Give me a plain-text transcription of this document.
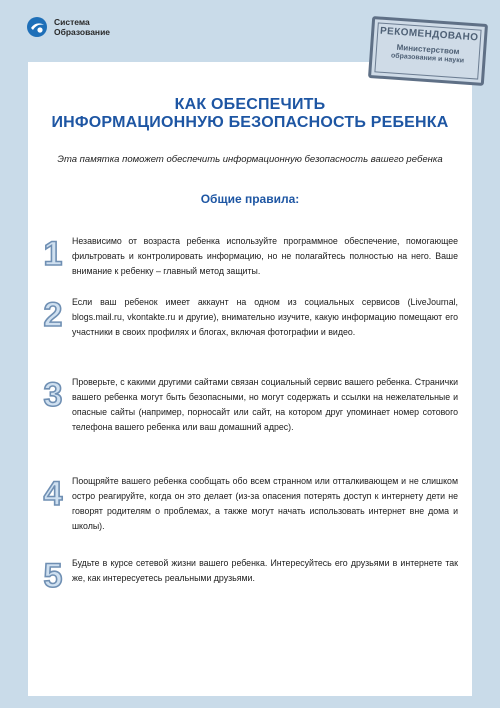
Система
Образование
КАК ОБЕСПЕЧИТЬ
ИНФОРМАЦИОННУЮ БЕЗОПАСНОСТЬ РЕБЕНКА
Эта памятка поможет обеспечить информационную безопасность вашего ребенка
Общие правила:
1 Независимо от возраста ребенка используйте программное обеспечение, помогающее фильтровать и контролировать информацию, но не полагайтесь полностью на него. Ваше внимание к ребенку – главный метод защиты.
2 Если ваш ребенок имеет аккаунт на одном из социальных сервисов (LiveJournal, blogs.mail.ru, vkontakte.ru и другие), внимательно изучите, какую информацию помещают его участники в своих профилях и блогах, включая фотографии и видео.
3 Проверьте, с какими другими сайтами связан социальный сервис вашего ребенка. Странички вашего ребенка могут быть безопасными, но могут содержать и ссылки на нежелательные и опасные сайты (например, порносайт или сайт, на котором друг упоминает номер сотового телефона вашего ребенка или ваш домашний адрес).
4 Поощряйте вашего ребенка сообщать обо всем странном или отталкивающем и не слишком остро реагируйте, когда он это делает (из-за опасения потерять доступ к интернету дети не говорят родителям о проблемах, а также могут начать использовать интернет вне дома и школы).
5 Будьте в курсе сетевой жизни вашего ребенка. Интересуйтесь его друзьями в интернете так же, как интересуетесь реальными друзьями.
РЕКОМЕНДОВАНО
Министерством
образования и науки
